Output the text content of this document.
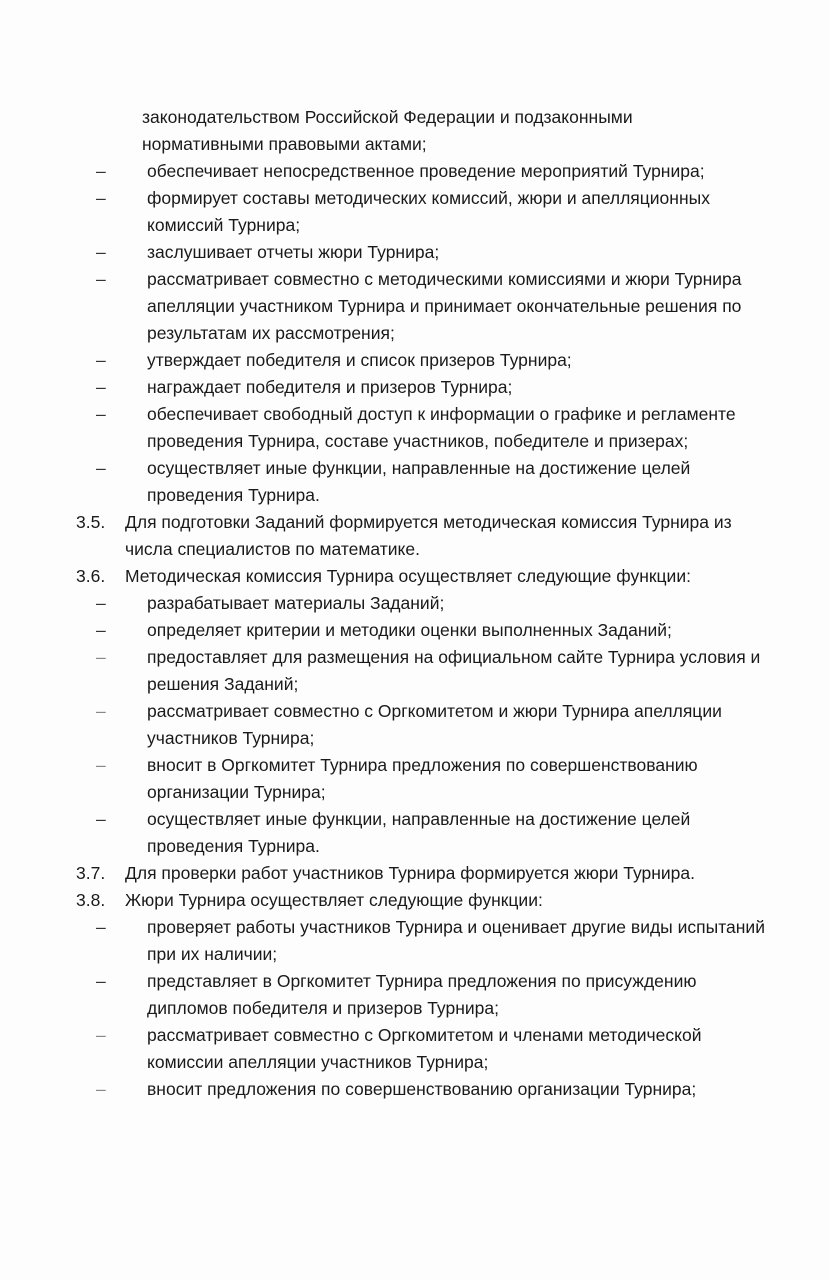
законодательством Российской Федерации и подзаконными
нормативными правовыми актами;
– обеспечивает непосредственное проведение мероприятий Турнира;
– формирует составы методических комиссий, жюри и апелляционных
комиссий Турнира;
– заслушивает отчеты жюри Турнира;
– рассматривает совместно с методическими комиссиями и жюри Турнира
апелляции участником Турнира и принимает окончательные решения по
результатам их рассмотрения;
– утверждает победителя и список призеров Турнира;
– награждает победителя и призеров Турнира;
– обеспечивает свободный доступ к информации о графике и регламенте
проведения Турнира, составе участников, победителе и призерах;
– осуществляет иные функции, направленные на достижение целей
проведения Турнира.
3.5. Для подготовки Заданий формируется методическая комиссия Турнира из
числа специалистов по математике.
3.6. Методическая комиссия Турнира осуществляет следующие функции:
– разрабатывает материалы Заданий;
– определяет критерии и методики оценки выполненных Заданий;
– предоставляет для размещения на официальном сайте Турнира условия и
решения Заданий;
– рассматривает совместно с Оргкомитетом и жюри Турнира апелляции
участников Турнира;
– вносит в Оргкомитет Турнира предложения по совершенствованию
организации Турнира;
– осуществляет иные функции, направленные на достижение целей
проведения Турнира.
3.7. Для проверки работ участников Турнира формируется жюри Турнира.
3.8. Жюри Турнира осуществляет следующие функции:
– проверяет работы участников Турнира и оценивает другие виды испытаний
при их наличии;
– представляет в Оргкомитет Турнира предложения по присуждению
дипломов победителя и призеров Турнира;
– рассматривает совместно с Оргкомитетом и членами методической
комиссии апелляции участников Турнира;
– вносит предложения по совершенствованию организации Турнира;
